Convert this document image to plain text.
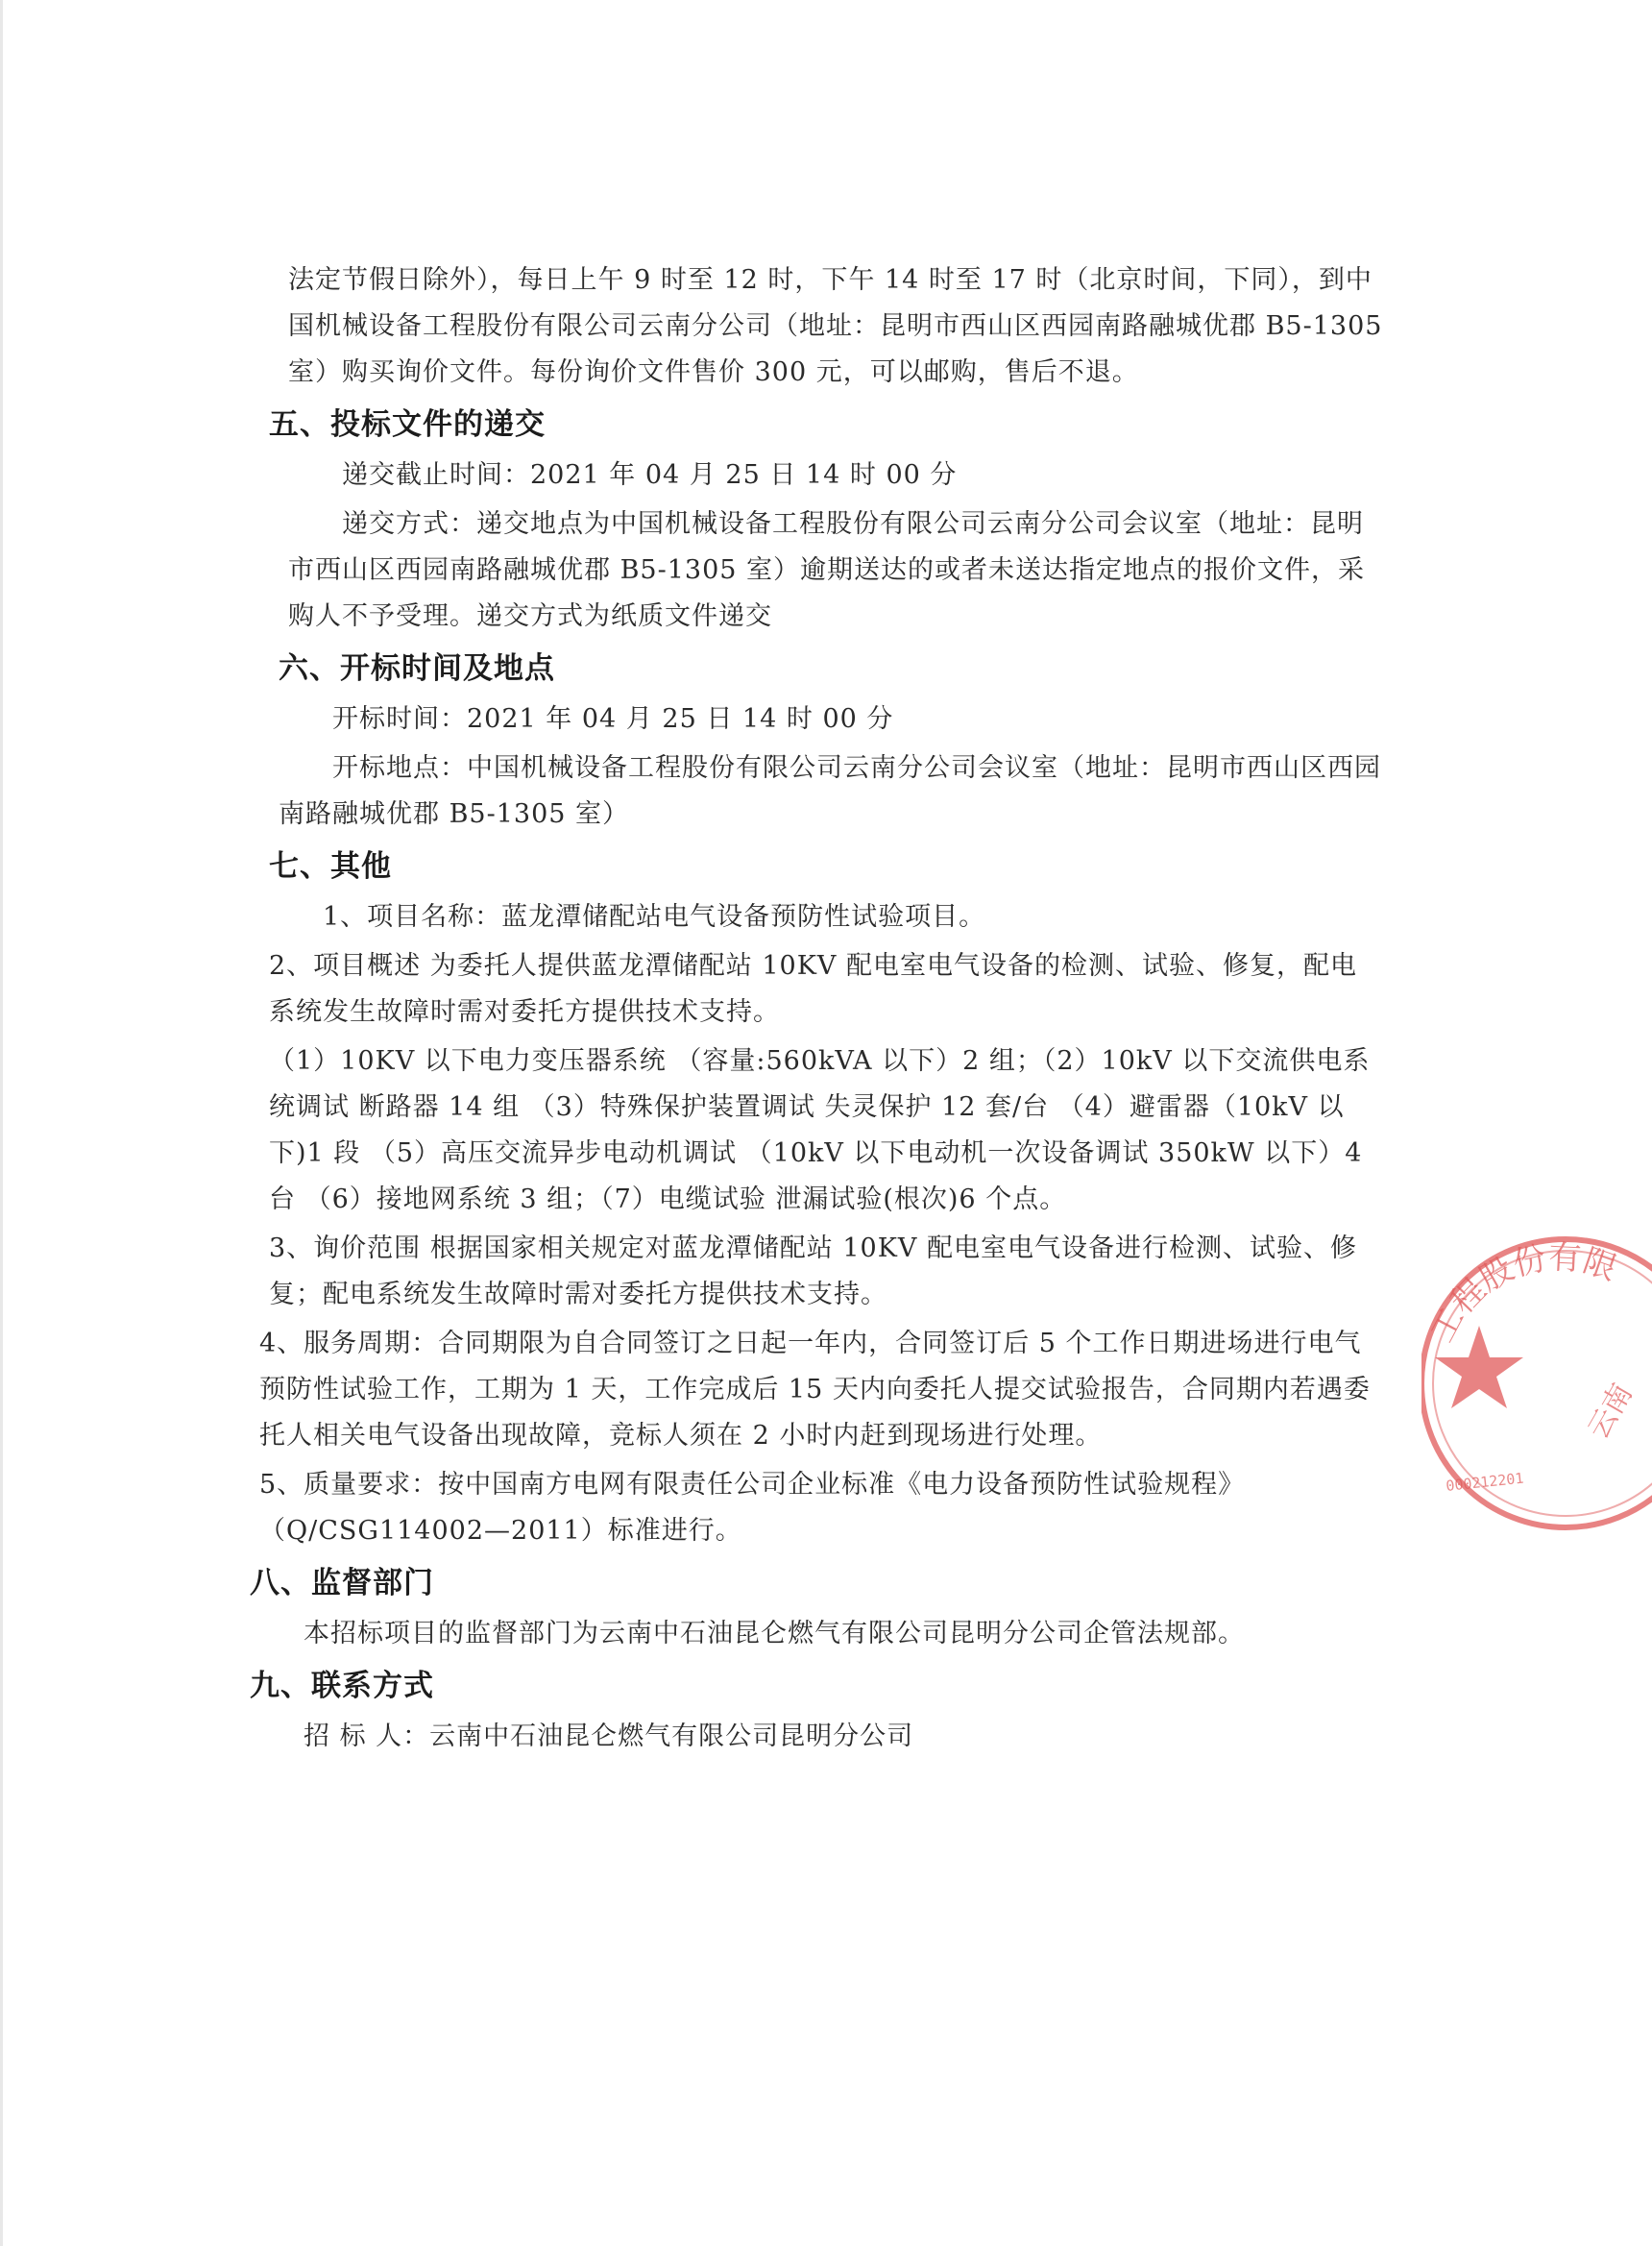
法定节假日除外），每日上午 9 时至 12 时，下午 14 时至 17 时（北京时间，下同），到中国机械设备工程股份有限公司云南分公司（地址：昆明市西山区西园南路融城优郡 B5-1305 室）购买询价文件。每份询价文件售价 300 元，可以邮购，售后不退。

五、投标文件的递交

递交截止时间：2021 年 04 月 25 日 14 时 00 分

递交方式：递交地点为中国机械设备工程股份有限公司云南分公司会议室（地址：昆明市西山区西园南路融城优郡 B5-1305 室）逾期送达的或者未送达指定地点的报价文件，采购人不予受理。递交方式为纸质文件递交

六、开标时间及地点

开标时间：2021 年 04 月 25 日 14 时 00 分

开标地点：中国机械设备工程股份有限公司云南分公司会议室（地址：昆明市西山区西园南路融城优郡 B5-1305 室）

七、其他

1、项目名称：蓝龙潭储配站电气设备预防性试验项目。

2、项目概述 为委托人提供蓝龙潭储配站 10KV 配电室电气设备的检测、试验、修复，配电系统发生故障时需对委托方提供技术支持。

（1）10KV 以下电力变压器系统 （容量:560kVA 以下）2 组；（2）10kV 以下交流供电系统调试 断路器 14 组 （3）特殊保护装置调试 失灵保护 12 套/台 （4）避雷器（10kV 以下)1 段 （5）高压交流异步电动机调试 （10kV 以下电动机一次设备调试 350kW 以下）4 台 （6）接地网系统 3 组；（7）电缆试验 泄漏试验(根次)6 个点。

3、询价范围 根据国家相关规定对蓝龙潭储配站 10KV 配电室电气设备进行检测、试验、修复；配电系统发生故障时需对委托方提供技术支持。

4、服务周期：合同期限为自合同签订之日起一年内，合同签订后 5 个工作日期进场进行电气预防性试验工作，工期为 1 天，工作完成后 15 天内向委托人提交试验报告，合同期内若遇委托人相关电气设备出现故障，竞标人须在 2 小时内赶到现场进行处理。

5、质量要求：按中国南方电网有限责任公司企业标准《电力设备预防性试验规程》（Q/CSG114002—2011）标准进行。

八、监督部门

本招标项目的监督部门为云南中石油昆仑燃气有限公司昆明分公司企管法规部。

九、联系方式

招 标 人：云南中石油昆仑燃气有限公司昆明分公司

工程股份有限
云南
000212201
